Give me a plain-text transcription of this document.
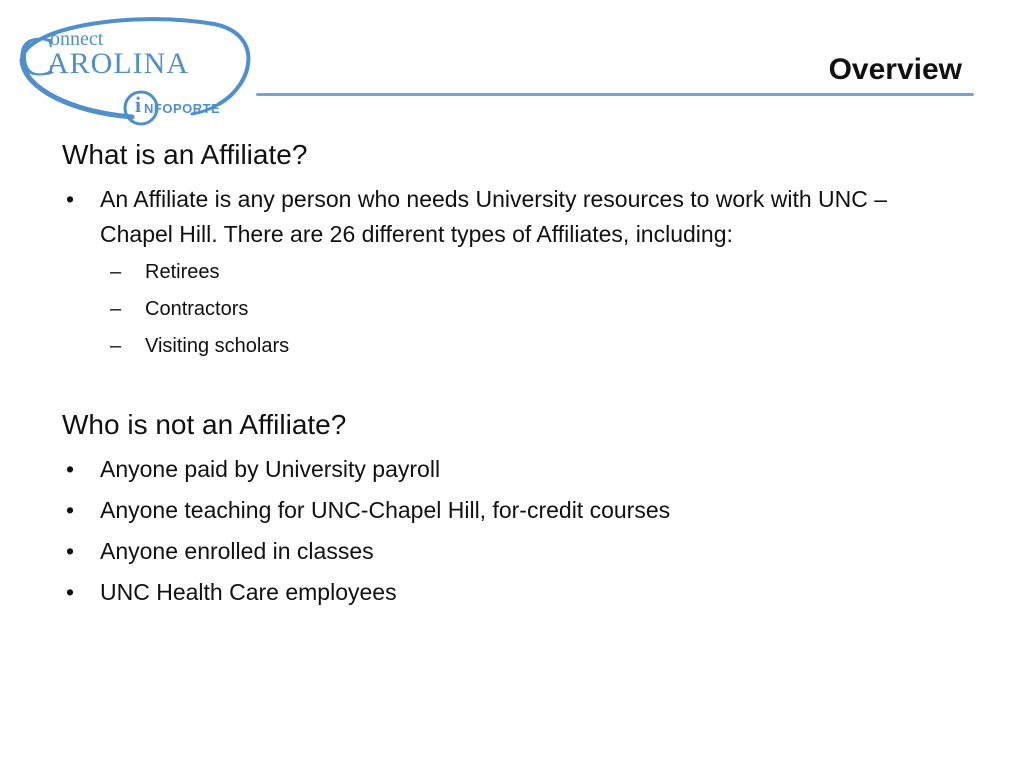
C
onnect
AROLINA
i NFOPORTE
Overview
What is an Affiliate?
• An Affiliate is any person who needs University resources to work with UNC – Chapel Hill. There are 26 different types of Affiliates, including:
– Retirees
– Contractors
– Visiting scholars
Who is not an Affiliate?
• Anyone paid by University payroll
• Anyone teaching for UNC-Chapel Hill, for-credit courses
• Anyone enrolled in classes
• UNC Health Care employees
